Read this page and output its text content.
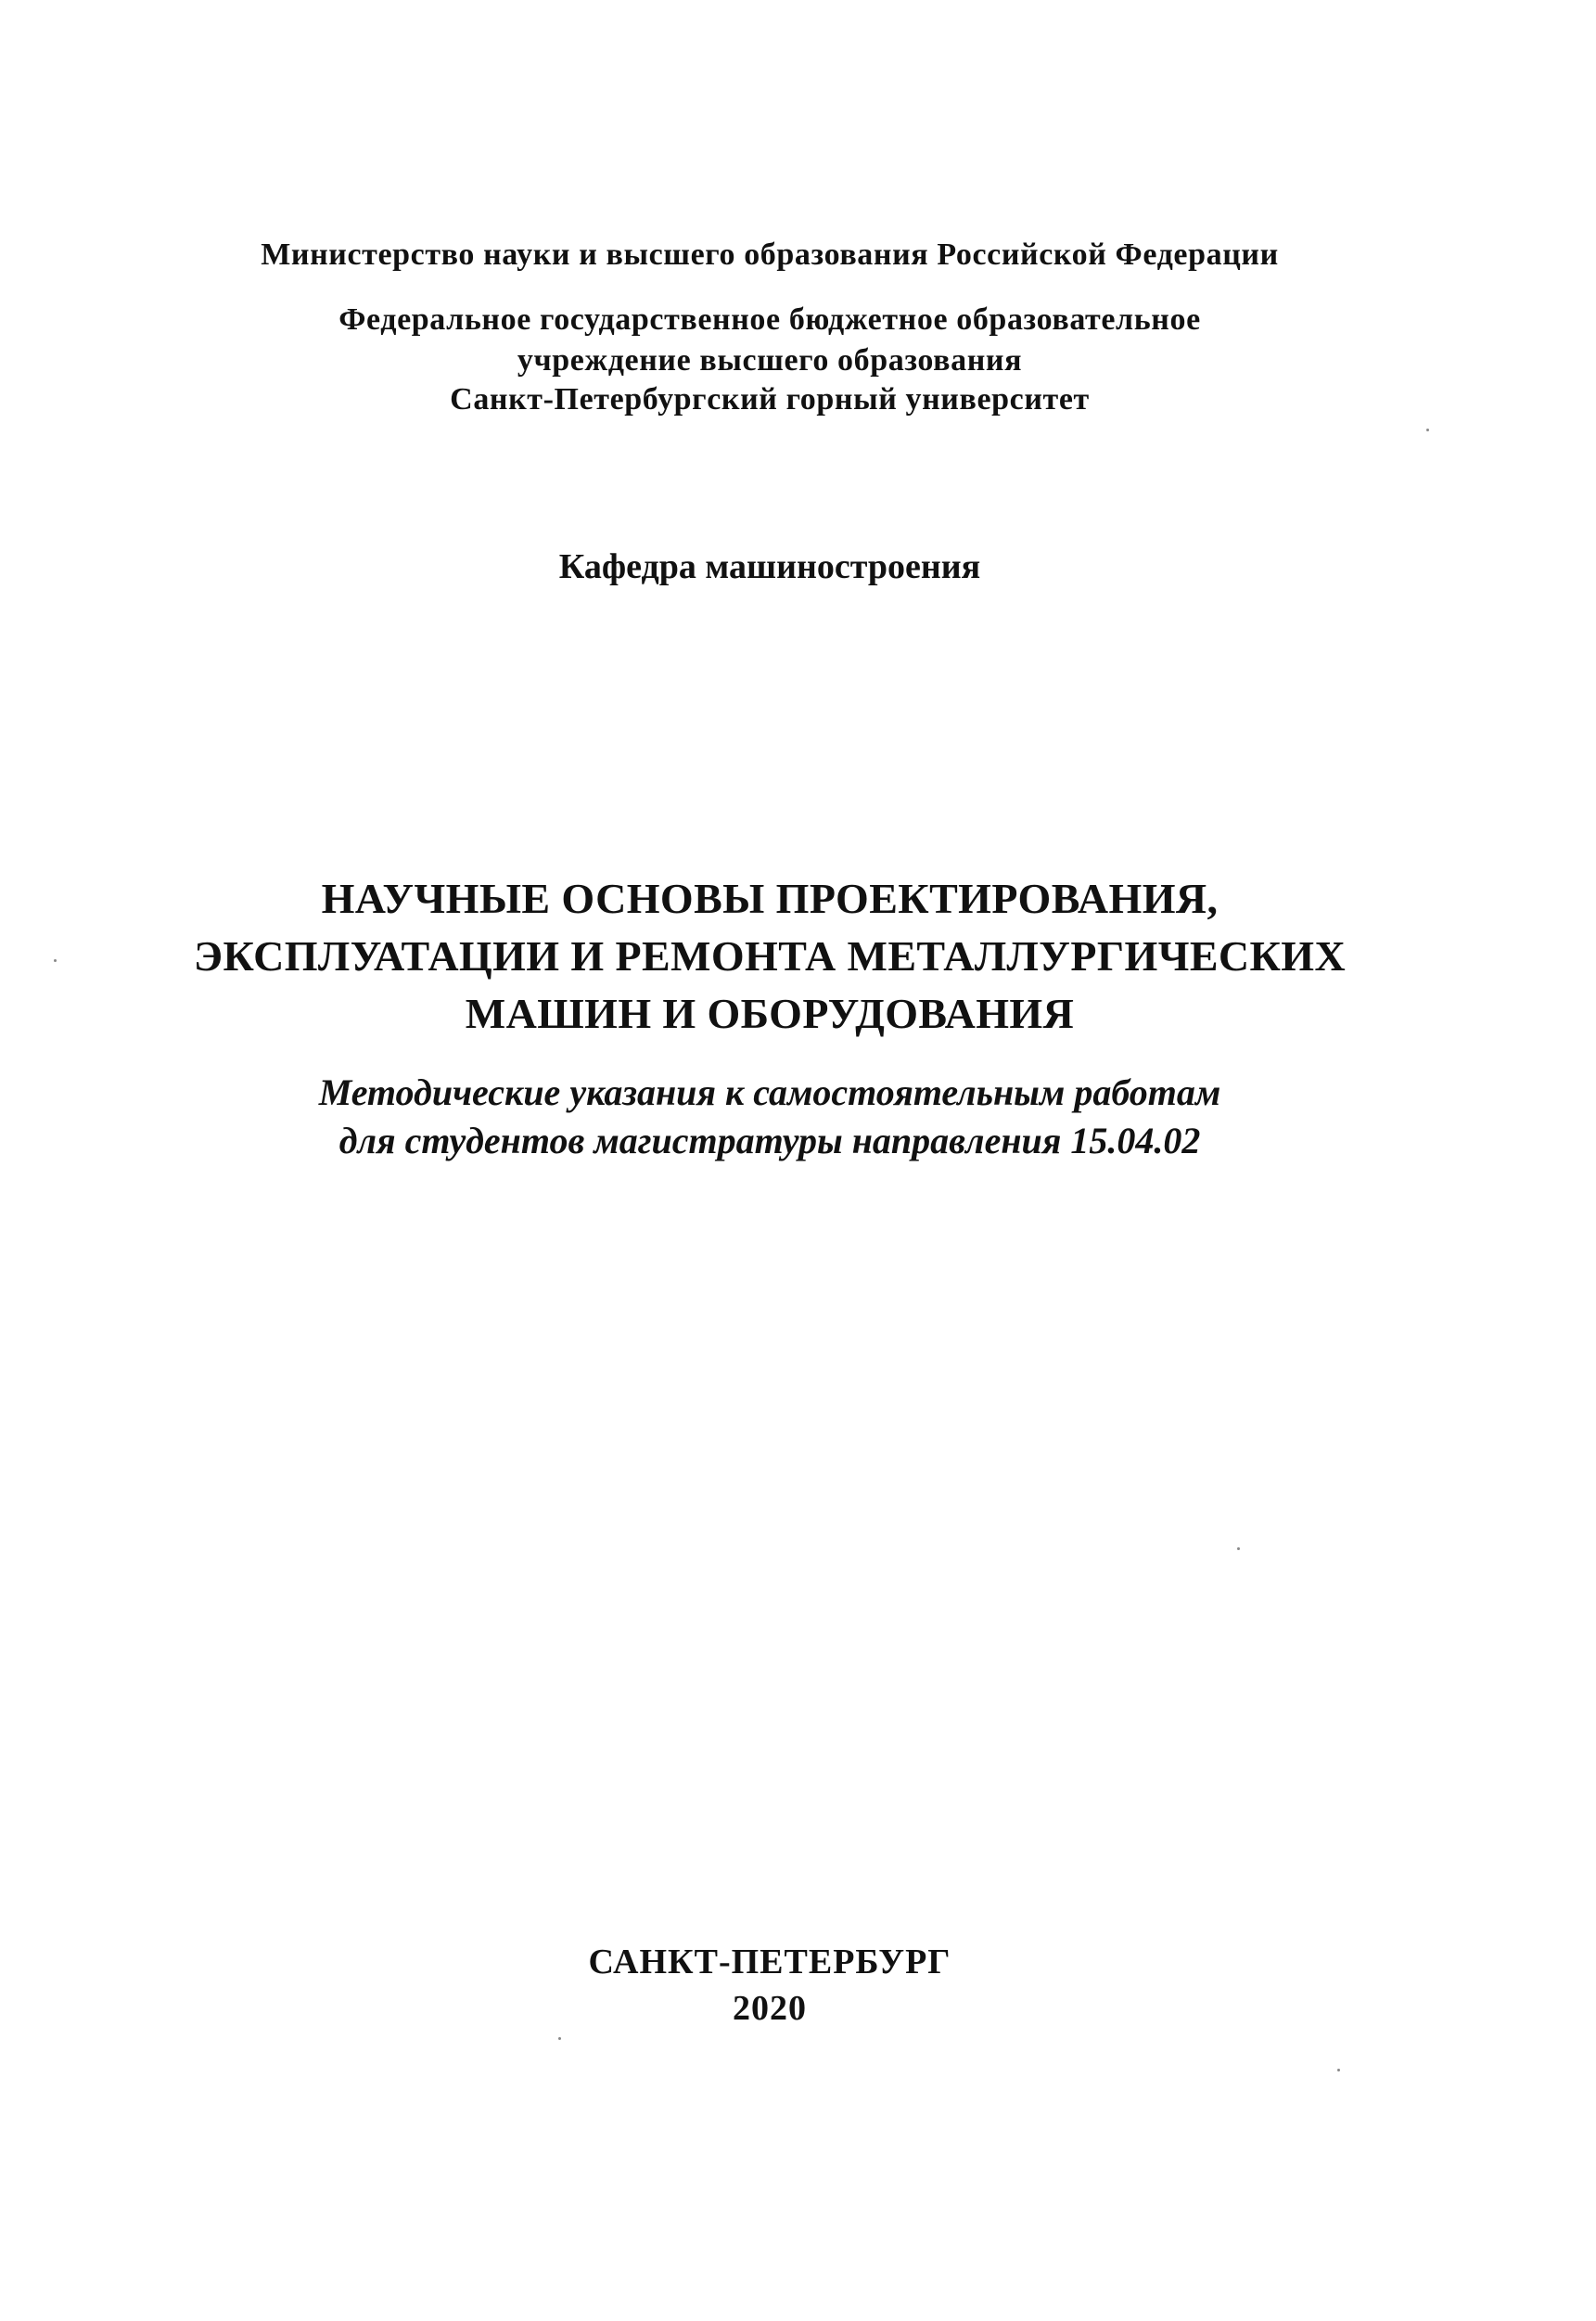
Министерство науки и высшего образования Российской Федерации
Федеральное государственное бюджетное образовательное
учреждение высшего образования
Санкт-Петербургский горный университет
Кафедра машиностроения
НАУЧНЫЕ ОСНОВЫ ПРОЕКТИРОВАНИЯ,
ЭКСПЛУАТАЦИИ И РЕМОНТА МЕТАЛЛУРГИЧЕСКИХ
МАШИН И ОБОРУДОВАНИЯ
Методические указания к самостоятельным работам
для студентов магистратуры направления 15.04.02
САНКТ-ПЕТЕРБУРГ
2020
